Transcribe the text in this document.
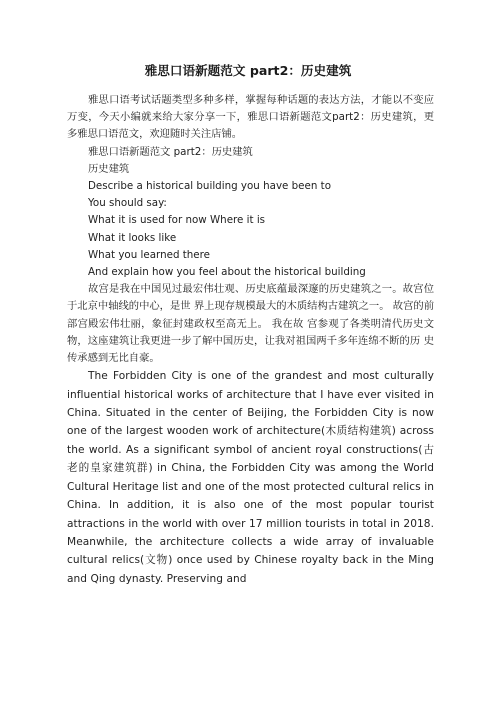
雅思口语新题范文 part2：历史建筑

雅思口语考试话题类型多种多样，掌握每种话题的表达方法，才能以不变应万变，今天小编就来给大家分享一下，雅思口语新题范文part2：历史建筑，更多雅思口语范文，欢迎随时关注店铺。

雅思口语新题范文 part2：历史建筑
历史建筑
Describe a historical building you have been to
You should say:
What it is used for now Where it is
What it looks like
What you learned there
And explain how you feel about the historical building

故宫是我在中国见过最宏伟壮观、历史底蕴最深邃的历史建筑之一。故宫位于北京中轴线的中心，是世 界上现存规模最大的木质结构古建筑之一。 故宫的前部宫殿宏伟壮丽，象征封建政权至高无上。 我在故 宫参观了各类明清代历史文物，这座建筑让我更进一步了解中国历史，让我对祖国两千多年连绵不断的历 史传承感到无比自豪。

The Forbidden City is one of the grandest and most culturally influential historical works of architecture that I have ever visited in China. Situated in the center of Beijing, the Forbidden City is now one of the largest wooden work of architecture(木质结构建筑) across the world. As a significant symbol of ancient royal constructions(古老的皇家建筑群) in China, the Forbidden City was among the World Cultural Heritage list and one of the most protected cultural relics in China. In addition, it is also one of the most popular tourist attractions in the world with over 17 million tourists in total in 2018. Meanwhile, the architecture collects a wide array of invaluable cultural relics(文物) once used by Chinese royalty back in the Ming and Qing dynasty. Preserving and
